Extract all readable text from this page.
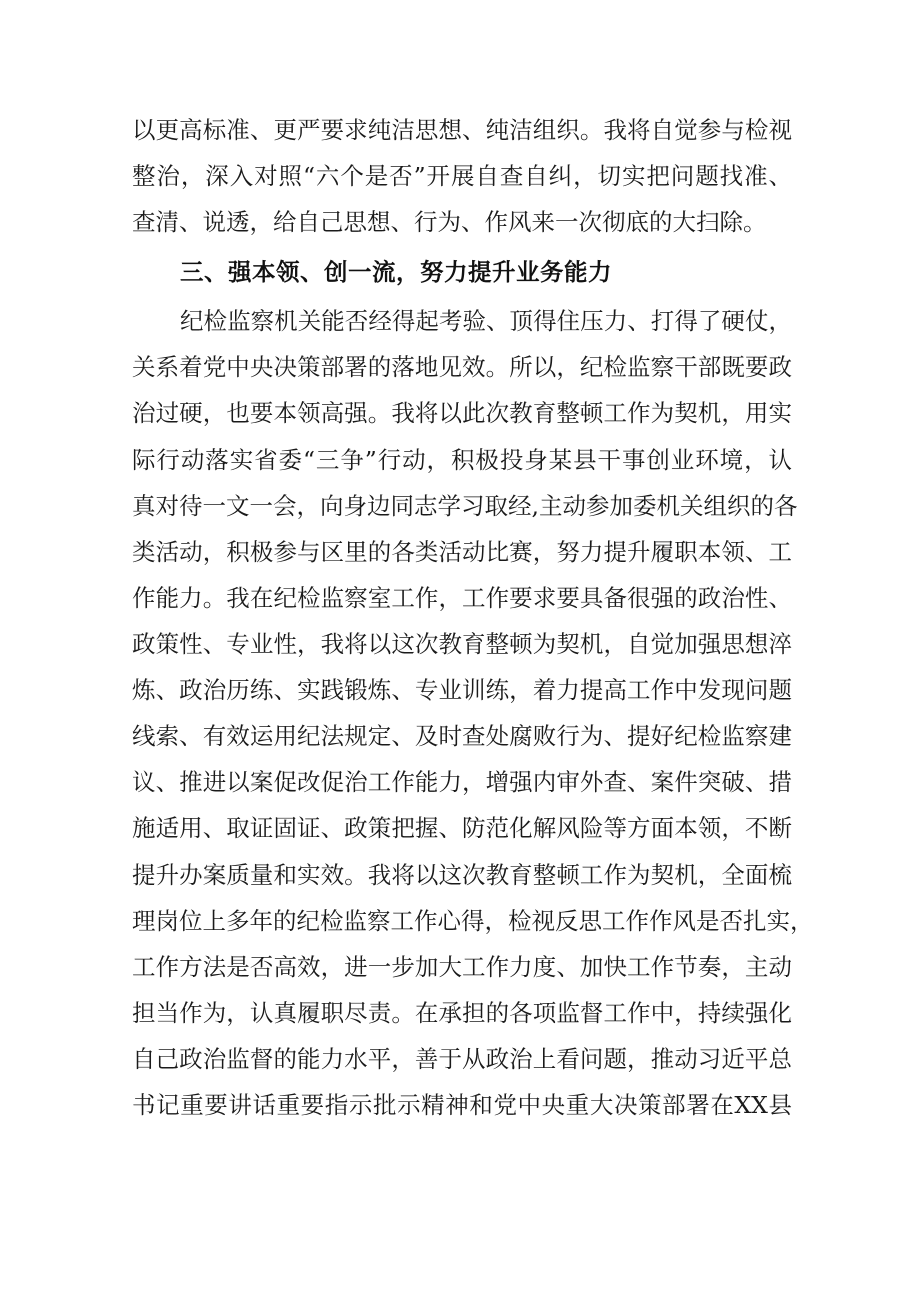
以更高标准、更严要求纯洁思想、纯洁组织。我将自觉参与检视
整治，深入对照“六个是否”开展自查自纠，切实把问题找准、
查清、说透，给自己思想、行为、作风来一次彻底的大扫除。
三、强本领、创一流，努力提升业务能力
纪检监察机关能否经得起考验、顶得住压力、打得了硬仗，
关系着党中央决策部署的落地见效。所以，纪检监察干部既要政
治过硬，也要本领高强。我将以此次教育整顿工作为契机，用实
际行动落实省委“三争”行动，积极投身某县干事创业环境，认
真对待一文一会，向身边同志学习取经,主动参加委机关组织的各
类活动，积极参与区里的各类活动比赛，努力提升履职本领、工
作能力。我在纪检监察室工作，工作要求要具备很强的政治性、
政策性、专业性，我将以这次教育整顿为契机，自觉加强思想淬
炼、政治历练、实践锻炼、专业训练，着力提高工作中发现问题
线索、有效运用纪法规定、及时查处腐败行为、提好纪检监察建
议、推进以案促改促治工作能力，增强内审外查、案件突破、措
施适用、取证固证、政策把握、防范化解风险等方面本领，不断
提升办案质量和实效。我将以这次教育整顿工作为契机，全面梳
理岗位上多年的纪检监察工作心得，检视反思工作作风是否扎实，
工作方法是否高效，进一步加大工作力度、加快工作节奏，主动
担当作为，认真履职尽责。在承担的各项监督工作中，持续强化
自己政治监督的能力水平，善于从政治上看问题，推动习近平总
书记重要讲话重要指示批示精神和党中央重大决策部署在XX县
